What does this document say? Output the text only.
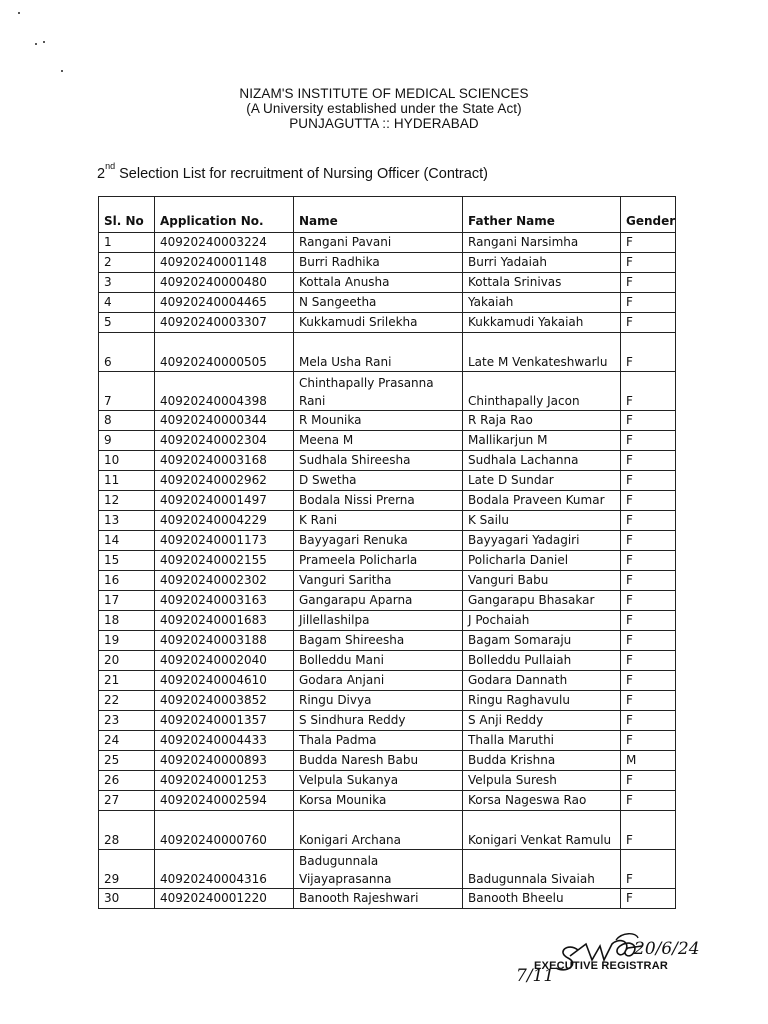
NIZAM'S INSTITUTE OF MEDICAL SCIENCES
(A University established under the State Act)
PUNJAGUTTA :: HYDERABAD
2nd Selection List for recruitment of Nursing Officer (Contract)
Sl. No	Application No.	Name	Father Name	Gender
1	40920240003224	Rangani Pavani	Rangani Narsimha	F
2	40920240001148	Burri Radhika	Burri Yadaiah	F
3	40920240000480	Kottala Anusha	Kottala Srinivas	F
4	40920240004465	N Sangeetha	Yakaiah	F
5	40920240003307	Kukkamudi Srilekha	Kukkamudi Yakaiah	F
6	40920240000505	Mela Usha Rani	Late M Venkateshwarlu	F
7	40920240004398	Chinthapally Prasanna Rani	Chinthapally Jacon	F
8	40920240000344	R Mounika	R Raja Rao	F
9	40920240002304	Meena M	Mallikarjun M	F
10	40920240003168	Sudhala Shireesha	Sudhala Lachanna	F
11	40920240002962	D Swetha	Late D Sundar	F
12	40920240001497	Bodala Nissi Prerna	Bodala Praveen Kumar	F
13	40920240004229	K Rani	K Sailu	F
14	40920240001173	Bayyagari Renuka	Bayyagari Yadagiri	F
15	40920240002155	Prameela Policharla	Policharla Daniel	F
16	40920240002302	Vanguri Saritha	Vanguri Babu	F
17	40920240003163	Gangarapu Aparna	Gangarapu Bhasakar	F
18	40920240001683	Jillellashilpa	J Pochaiah	F
19	40920240003188	Bagam Shireesha	Bagam Somaraju	F
20	40920240002040	Bolleddu Mani	Bolleddu Pullaiah	F
21	40920240004610	Godara Anjani	Godara Dannath	F
22	40920240003852	Ringu Divya	Ringu Raghavulu	F
23	40920240001357	S Sindhura Reddy	S Anji Reddy	F
24	40920240004433	Thala Padma	Thalla Maruthi	F
25	40920240000893	Budda Naresh Babu	Budda Krishna	M
26	40920240001253	Velpula Sukanya	Velpula Suresh	F
27	40920240002594	Korsa Mounika	Korsa Nageswa Rao	F
28	40920240000760	Konigari Archana	Konigari Venkat Ramulu	F
29	40920240004316	Badugunnala Vijayaprasanna	Badugunnala Sivaiah	F
30	40920240001220	Banooth Rajeshwari	Banooth Bheelu	F
20/6/24
EXECUTIVE REGISTRAR
7/11
